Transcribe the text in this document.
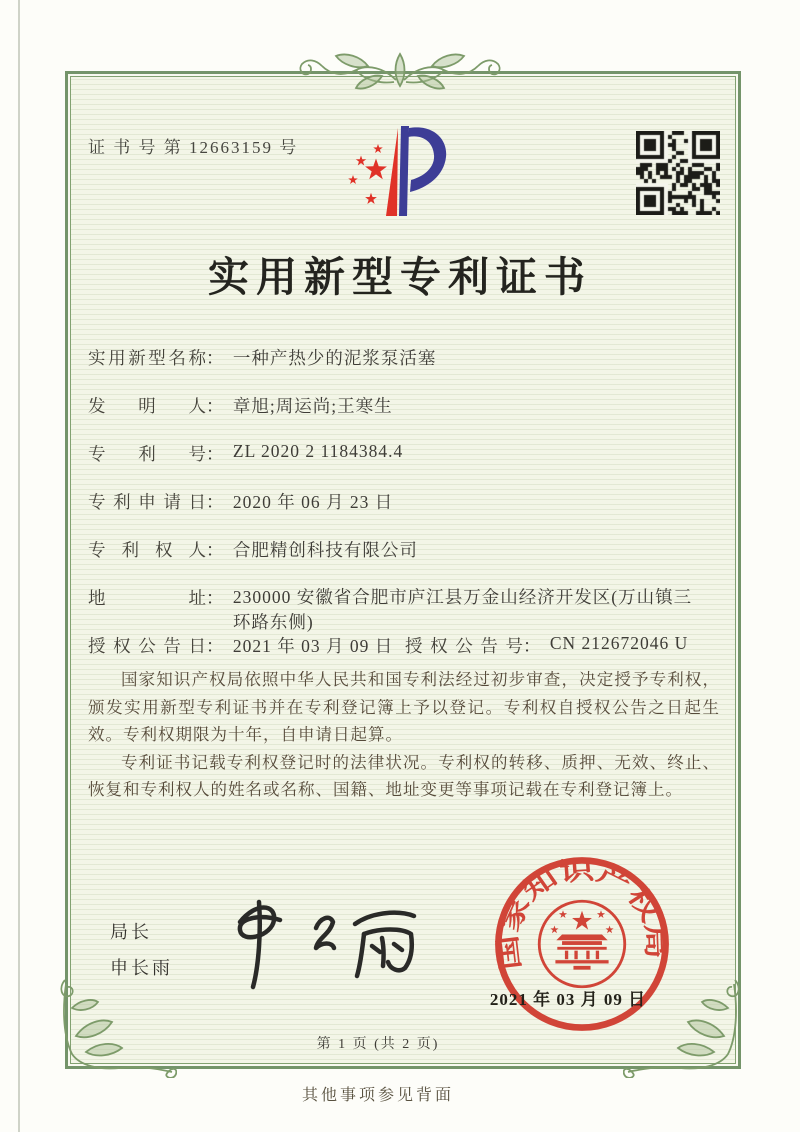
证 书 号 第 12663159 号
实用新型专利证书
实用新型名称： 一种产热少的泥浆泵活塞
发明人： 章旭;周运尚;王寒生
专利号： ZL 2020 2 1184384.4
专利申请日： 2020 年 06 月 23 日
专利权人： 合肥精创科技有限公司
地址： 230000 安徽省合肥市庐江县万金山经济开发区(万山镇三
环路东侧)
授权公告日： 2021 年 03 月 09 日 授权公告号： CN 212672046 U

国家知识产权局依照中华人民共和国专利法经过初步审查，决定授予专利权，颁发实用新型专利证书并在专利登记簿上予以登记。专利权自授权公告之日起生效。专利权期限为十年，自申请日起算。

专利证书记载专利权登记时的法律状况。专利权的转移、质押、无效、终止、恢复和专利权人的姓名或名称、国籍、地址变更等事项记载在专利登记簿上。

局长
申长雨	国家知识产权局
2021 年 03 月 09 日
第 1 页 (共 2 页)
其他事项参见背面
